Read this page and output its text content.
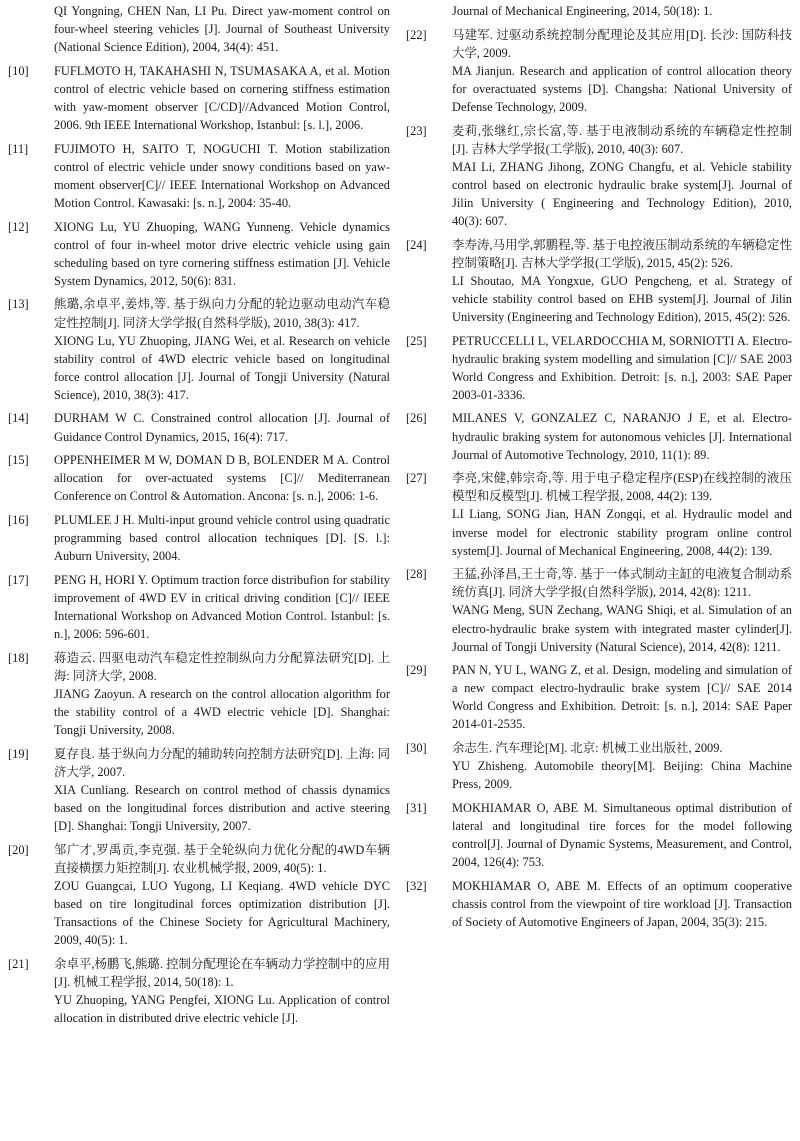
QI Yongning, CHEN Nan, LI Pu. Direct yaw-moment control on four-wheel steering vehicles [J]. Journal of Southeast University (National Science Edition), 2004, 34(4): 451.
[10]	FUFLMOTO H, TAKAHASHI N, TSUMASAKA A, et al. Motion control of electric vehicle based on cornering stiffness estimation with yaw-moment observer [C/CD]//Advanced Motion Control, 2006. 9th IEEE International Workshop, Istanbul: [s. l.], 2006.
[11]	FUJIMOTO H, SAITO T, NOGUCHI T. Motion stabilization control of electric vehicle under snowy conditions based on yaw-moment observer[C]// IEEE International Workshop on Advanced Motion Control. Kawasaki: [s. n.], 2004: 35-40.
[12]	XIONG Lu, YU Zhuoping, WANG Yunneng. Vehicle dynamics control of four in-wheel motor drive electric vehicle using gain scheduling based on tyre cornering stiffness estimation [J]. Vehicle System Dynamics, 2012, 50(6): 831.
[13]	熊璐,余卓平,姜炜,等. 基于纵向力分配的轮边驱动电动汽车稳定性控制[J]. 同济大学学报(自然科学版), 2010, 38(3): 417.
XIONG Lu, YU Zhuoping, JIANG Wei, et al. Research on vehicle stability control of 4WD electric vehicle based on longitudinal force control allocation [J]. Journal of Tongji University (Natural Science), 2010, 38(3): 417.
[14]	DURHAM W C. Constrained control allocation [J]. Journal of Guidance Control Dynamics, 2015, 16(4): 717.
[15]	OPPENHEIMER M W, DOMAN D B, BOLENDER M A. Control allocation for over-actuated systems [C]// Mediterranean Conference on Control & Automation. Ancona: [s. n.], 2006: 1-6.
[16]	PLUMLEE J H. Multi-input ground vehicle control using quadratic programming based control allocation techniques [D]. [S. l.]: Auburn University, 2004.
[17]	PENG H, HORI Y. Optimum traction force distribufion for stability improvement of 4WD EV in critical driving condition [C]// IEEE International Workshop on Advanced Motion Control. Istanbul: [s. n.], 2006: 596-601.
[18]	蒋造云. 四驱电动汽车稳定性控制纵向力分配算法研究[D]. 上海: 同济大学, 2008.
JIANG Zaoyun. A research on the control allocation algorithm for the stability control of a 4WD electric vehicle [D]. Shanghai: Tongji University, 2008.
[19]	夏存良. 基于纵向力分配的辅助转向控制方法研究[D]. 上海: 同济大学, 2007.
XIA Cunliang. Research on control method of chassis dynamics based on the longitudinal forces distribution and active steering [D]. Shanghai: Tongji University, 2007.
[20]	邹广才,罗禹贡,李克强. 基于全轮纵向力优化分配的4WD车辆直接横摆力矩控制[J]. 农业机械学报, 2009, 40(5): 1.
ZOU Guangcai, LUO Yugong, LI Keqiang. 4WD vehicle DYC based on tire longitudinal forces optimization distribution [J]. Transactions of the Chinese Society for Agricultural Machinery, 2009, 40(5): 1.
[21]	余卓平,杨鹏飞,熊璐. 控制分配理论在车辆动力学控制中的应用[J]. 机械工程学报, 2014, 50(18): 1.
YU Zhuoping, YANG Pengfei, XIONG Lu. Application of control allocation in distributed drive electric vehicle [J].
Journal of Mechanical Engineering, 2014, 50(18): 1.
[22]	马建军. 过驱动系统控制分配理论及其应用[D]. 长沙: 国防科技大学, 2009.
MA Jianjun. Research and application of control allocation theory for overactuated systems [D]. Changsha: National University of Defense Technology, 2009.
[23]	麦莉,张继红,宗长富,等. 基于电液制动系统的车辆稳定性控制[J]. 吉林大学学报(工学版), 2010, 40(3): 607.
MAI Li, ZHANG Jihong, ZONG Changfu, et al. Vehicle stability control based on electronic hydraulic brake system[J]. Journal of Jilin University ( Engineering and Technology Edition), 2010, 40(3): 607.
[24]	李寿涛,马用学,郭鹏程,等. 基于电控液压制动系统的车辆稳定性控制策略[J]. 吉林大学学报(工学版), 2015, 45(2): 526.
LI Shoutao, MA Yongxue, GUO Pengcheng, et al. Strategy of vehicle stability control based on EHB system[J]. Journal of Jilin University (Engineering and Technology Edition), 2015, 45(2): 526.
[25]	PETRUCCELLI L, VELARDOCCHIA M, SORNIOTTI A. Electro-hydraulic braking system modelling and simulation [C]// SAE 2003 World Congress and Exhibition. Detroit: [s. n.], 2003: SAE Paper 2003-01-3336.
[26]	MILANES V, GONZALEZ C, NARANJO J E, et al. Electro-hydraulic braking system for autonomous vehicles [J]. International Journal of Automotive Technology, 2010, 11(1): 89.
[27]	李亮,宋健,韩宗奇,等. 用于电子稳定程序(ESP)在线控制的液压模型和反模型[J]. 机械工程学报, 2008, 44(2): 139.
LI Liang, SONG Jian, HAN Zongqi, et al. Hydraulic model and inverse model for electronic stability program online control system[J]. Journal of Mechanical Engineering, 2008, 44(2): 139.
[28]	王猛,孙泽昌,王士奇,等. 基于一体式制动主缸的电液复合制动系统仿真[J]. 同济大学学报(自然科学版), 2014, 42(8): 1211.
WANG Meng, SUN Zechang, WANG Shiqi, et al. Simulation of an electro-hydraulic brake system with integrated master cylinder[J]. Journal of Tongji University (Natural Science), 2014, 42(8): 1211.
[29]	PAN N, YU L, WANG Z, et al. Design, modeling and simulation of a new compact electro-hydraulic brake system [C]// SAE 2014 World Congress and Exhibition. Detroit: [s. n.], 2014: SAE Paper 2014-01-2535.
[30]	余志生. 汽车理论[M]. 北京: 机械工业出版社, 2009.
YU Zhisheng. Automobile theory[M]. Beijing: China Machine Press, 2009.
[31]	MOKHIAMAR O, ABE M. Simultaneous optimal distribution of lateral and longitudinal tire forces for the model following control[J]. Journal of Dynamic Systems, Measurement, and Control, 2004, 126(4): 753.
[32]	MOKHIAMAR O, ABE M. Effects of an optimum cooperative chassis control from the viewpoint of tire workload [J]. Transaction of Society of Automotive Engineers of Japan, 2004, 35(3): 215.
